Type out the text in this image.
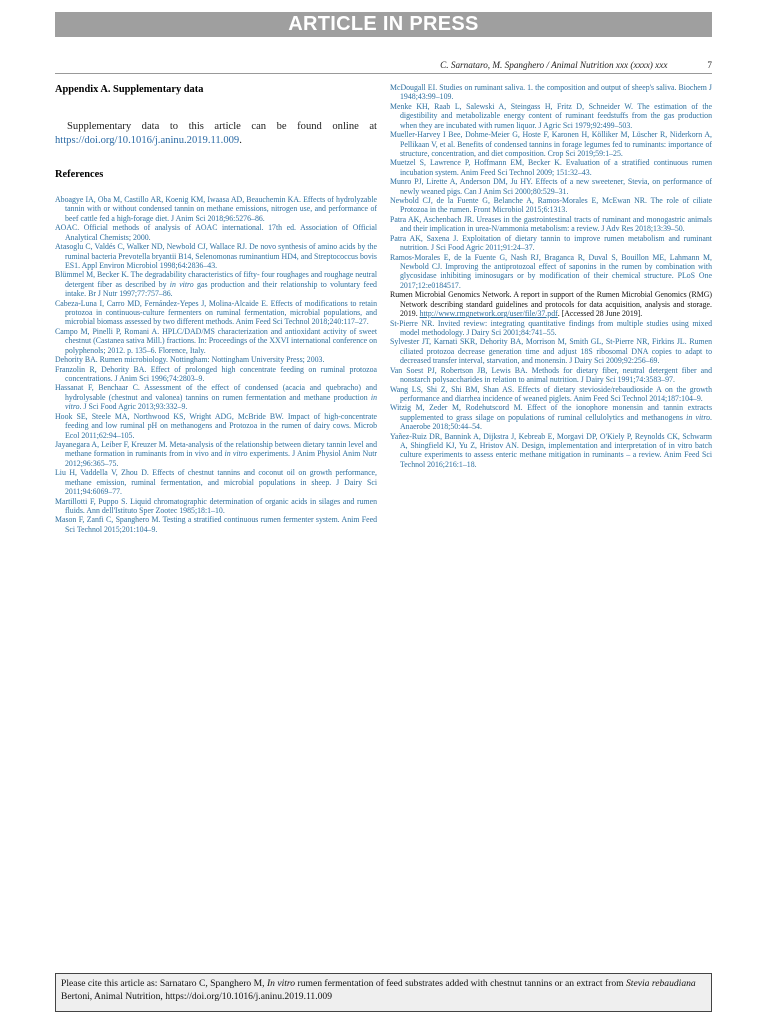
ARTICLE IN PRESS
C. Sarnataro, M. Spanghero / Animal Nutrition xxx (xxxx) xxx	7
Appendix A. Supplementary data

Supplementary data to this article can be found online at https://doi.org/10.1016/j.aninu.2019.11.009.

References
Aboagye IA, Oba M, Castillo AR, Koenig KM, Iwaasa AD, Beauchemin KA. Effects of hydrolyzable tannin with or without condensed tannin on methane emissions, nitrogen use, and performance of beef cattle fed a high-forage diet. J Anim Sci 2018;96:5276–86.
AOAC. Official methods of analysis of AOAC international. 17th ed. Association of Official Analytical Chemists; 2000.
Atasoglu C, Valdés C, Walker ND, Newbold CJ, Wallace RJ. De novo synthesis of amino acids by the ruminal bacteria Prevotella bryantii B14, Selenomonas ruminantium HD4, and Streptococcus bovis ES1. Appl Environ Microbiol 1998;64:2836–43.
Blümmel M, Becker K. The degradability characteristics of fifty- four roughages and roughage neutral detergent fiber as described by in vitro gas production and their relationship to voluntary feed intake. Br J Nutr 1997;77:757–86.
Cabeza-Luna I, Carro MD, Fernández-Yepes J, Molina-Alcaide E. Effects of modifications to retain protozoa in continuous-culture fermenters on ruminal fermentation, microbial populations, and microbial biomass assessed by two different methods. Anim Feed Sci Technol 2018;240:117–27.
Campo M, Pinelli P, Romani A. HPLC/DAD/MS characterization and antioxidant activity of sweet chestnut (Castanea sativa Mill.) fractions. In: Proceedings of the XXVI international conference on polyphenols; 2012. p. 135–6. Florence, Italy.
Dehority BA. Rumen microbiology. Nottingham: Nottingham University Press; 2003.
Franzolin R, Dehority BA. Effect of prolonged high concentrate feeding on ruminal protozoa concentrations. J Anim Sci 1996;74:2803–9.
Hassanat F, Benchaar C. Assessment of the effect of condensed (acacia and quebracho) and hydrolysable (chestnut and valonea) tannins on rumen fermentation and methane production in vitro. J Sci Food Agric 2013;93:332–9.
Hook SE, Steele MA, Northwood KS, Wright ADG, McBride BW. Impact of high-concentrate feeding and low ruminal pH on methanogens and Protozoa in the rumen of dairy cows. Microb Ecol 2011;62:94–105.
Jayanegara A, Leiber F, Kreuzer M. Meta-analysis of the relationship between dietary tannin level and methane formation in ruminants from in vivo and in vitro experiments. J Anim Physiol Anim Nutr 2012;96:365–75.
Liu H, Vaddella V, Zhou D. Effects of chestnut tannins and coconut oil on growth performance, methane emission, ruminal fermentation, and microbial populations in sheep. J Dairy Sci 2011;94:6069–77.
Martillotti F, Puppo S. Liquid chromatographic determination of organic acids in silages and rumen fluids. Ann dell'Istituto Sper Zootec 1985;18:1–10.
Mason F, Zanfi C, Spanghero M. Testing a stratified continuous rumen fermenter system. Anim Feed Sci Technol 2015;201:104–9.
McDougall EI. Studies on ruminant saliva. 1. the composition and output of sheep's saliva. Biochem J 1948;43:99–109.
Menke KH, Raab L, Salewski A, Steingass H, Fritz D, Schneider W. The estimation of the digestibility and metabolizable energy content of ruminant feedstuffs from the gas production when they are incubated with rumen liquor. J Agric Sci 1979;92:499–503.
Mueller-Harvey I Bee, Dohme-Meier G, Hoste F, Karonen H, Kölliker M, Lüscher R, Niderkorn A, Pellikaan V, et al. Benefits of condensed tannins in forage legumes fed to ruminants: importance of structure, concentration, and diet composition. Crop Sci 2019;59:1–25.
Muetzel S, Lawrence P, Hoffmann EM, Becker K. Evaluation of a stratified continuous rumen incubation system. Anim Feed Sci Technol 2009; 151:32–43.
Munro PJ, Lirette A, Anderson DM, Ju HY. Effects of a new sweetener, Stevia, on performance of newly weaned pigs. Can J Anim Sci 2000;80:529–31.
Newbold CJ, de la Fuente G, Belanche A, Ramos-Morales E, McEwan NR. The role of ciliate Protozoa in the rumen. Front Microbiol 2015;6:1313.
Patra AK, Aschenbach JR. Ureases in the gastrointestinal tracts of ruminant and monogastric animals and their implication in urea-N/ammonia metabolism: a review. J Adv Res 2018;13:39–50.
Patra AK, Saxena J. Exploitation of dietary tannin to improve rumen metabolism and ruminant nutrition. J Sci Food Agric 2011;91:24–37.
Ramos-Morales E, de la Fuente G, Nash RJ, Braganca R, Duval S, Bouillon ME, Lahmann M, Newbold CJ. Improving the antiprotozoal effect of saponins in the rumen by combination with glycosidase inhibiting iminosugars or by modification of their chemical structure. PLoS One 2017;12:e0184517.
Rumen Microbial Genomics Network. A report in support of the Rumen Microbial Genomics (RMG) Network describing standard guidelines and protocols for data acquisition, analysis and storage. 2019. http://www.rmgnetwork.org/user/file/37.pdf. [Accessed 28 June 2019].
St-Pierre NR. Invited review: integrating quantitative findings from multiple studies using mixed model methodology. J Dairy Sci 2001;84:741–55.
Sylvester JT, Karnati SKR, Dehority BA, Morrison M, Smith GL, St-Pierre NR, Firkins JL. Rumen ciliated protozoa decrease generation time and adjust 18S ribosomal DNA copies to adapt to decreased transfer interval, starvation, and monensin. J Dairy Sci 2009;92:256–69.
Van Soest PJ, Robertson JB, Lewis BA. Methods for dietary fiber, neutral detergent fiber and nonstarch polysaccharides in relation to animal nutrition. J Dairy Sci 1991;74:3583–97.
Wang LS, Shi Z, Shi BM, Shan AS. Effects of dietary stevioside/rebaudioside A on the growth performance and diarrhea incidence of weaned piglets. Anim Feed Sci Technol 2014;187:104–9.
Witzig M, Zeder M, Rodehutscord M. Effect of the ionophore monensin and tannin extracts supplemented to grass silage on populations of ruminal cellulolytics and methanogens in vitro. Anaerobe 2018;50:44–54.
Yañez-Ruiz DR, Bannink A, Dijkstra J, Kebreab E, Morgavi DP, O'Kiely P, Reynolds CK, Schwarm A, Shingfield KJ, Yu Z, Hristov AN. Design, implementation and interpretation of in vitro batch culture experiments to assess enteric methane mitigation in ruminants – a review. Anim Feed Sci Technol 2016;216:1–18.
Please cite this article as: Sarnataro C, Spanghero M, In vitro rumen fermentation of feed substrates added with chestnut tannins or an extract from Stevia rebaudiana Bertoni, Animal Nutrition, https://doi.org/10.1016/j.aninu.2019.11.009
